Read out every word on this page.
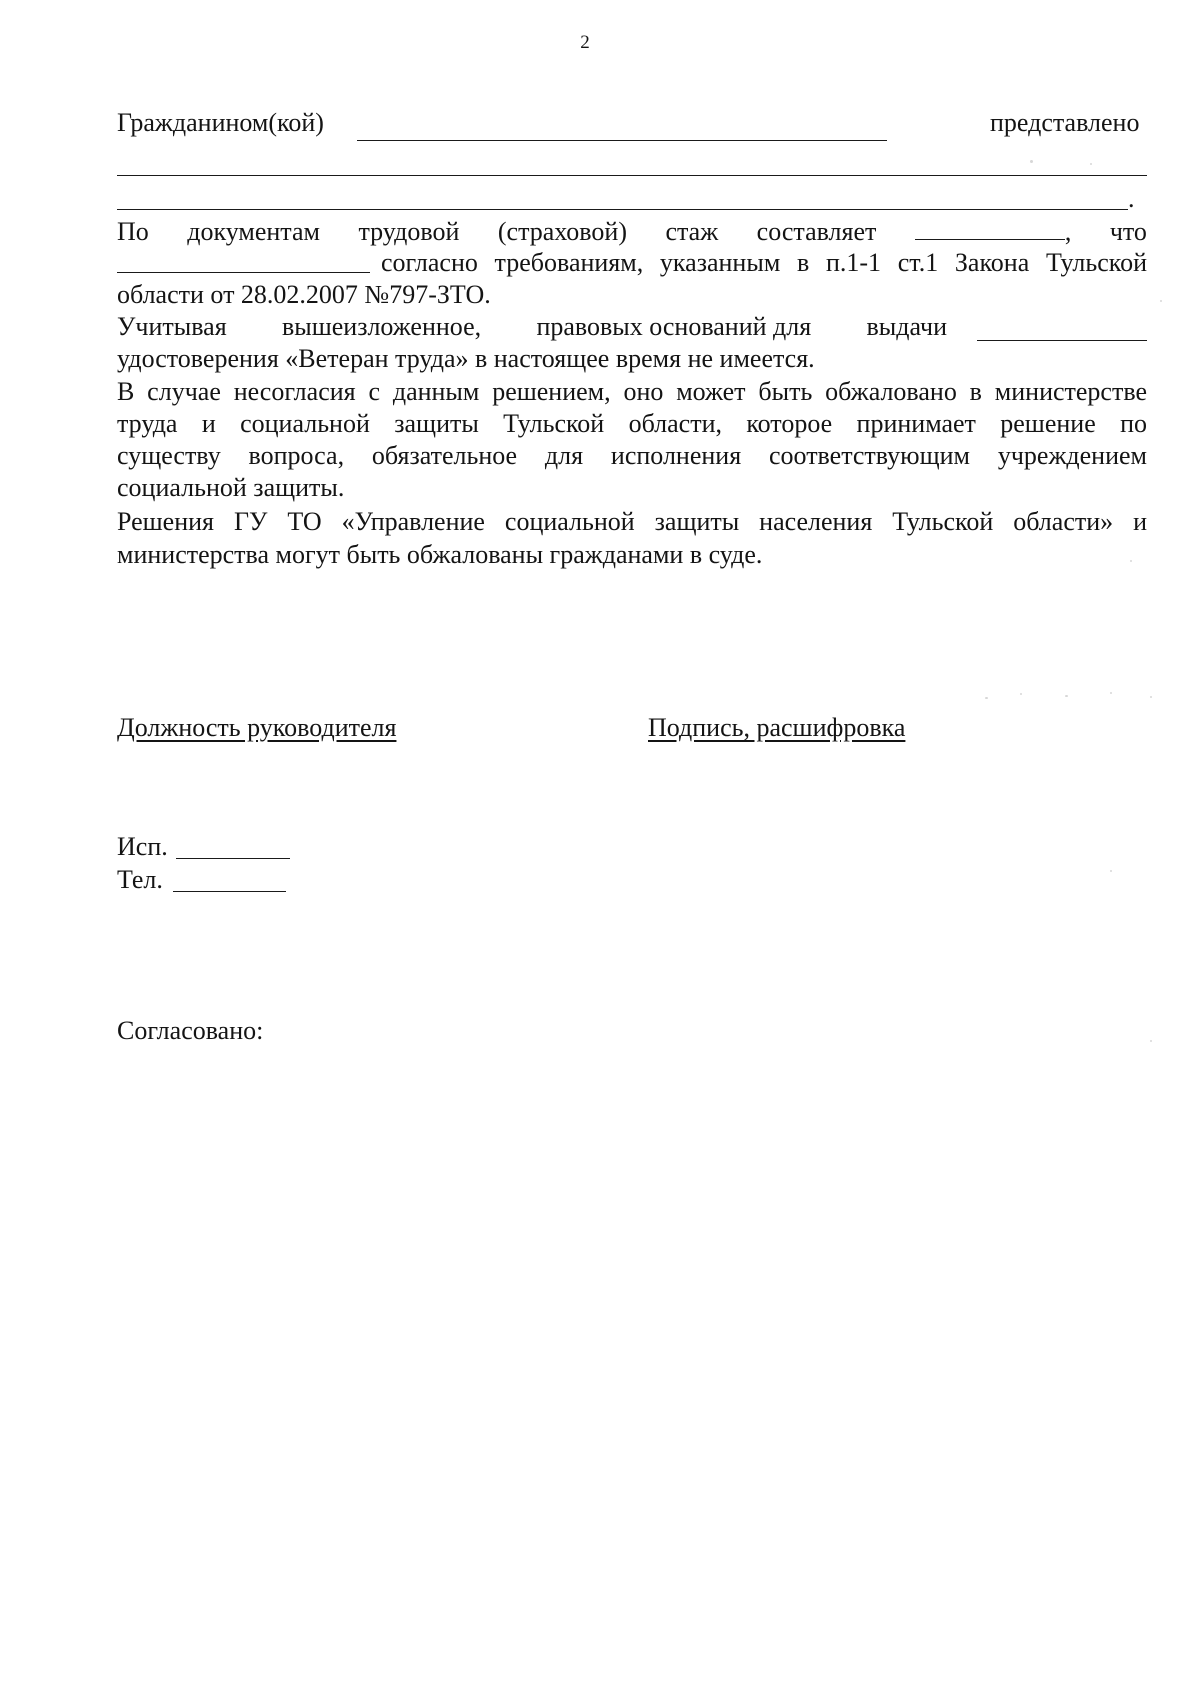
2
Гражданином(кой)	представлено
.
По документам трудовой (страховой) стаж составляет	, что
согласно требованиям, указанным в п.1-1 ст.1 Закона Тульской
области от 28.02.2007 №797-ЗТО.
Учитывая вышеизложенное, правовых оснований для выдачи
удостоверения «Ветеран труда» в настоящее время не имеется.
В случае несогласия с данным решением, оно может быть обжаловано в министерстве
труда и социальной защиты Тульской области, которое принимает решение по
существу вопроса, обязательное для исполнения соответствующим учреждением
социальной защиты.
Решения ГУ ТО «Управление социальной защиты населения Тульской области» и
министерства могут быть обжалованы гражданами в суде.
Должность руководителя	Подпись, расшифровка
Исп.
Тел.
Согласовано:
